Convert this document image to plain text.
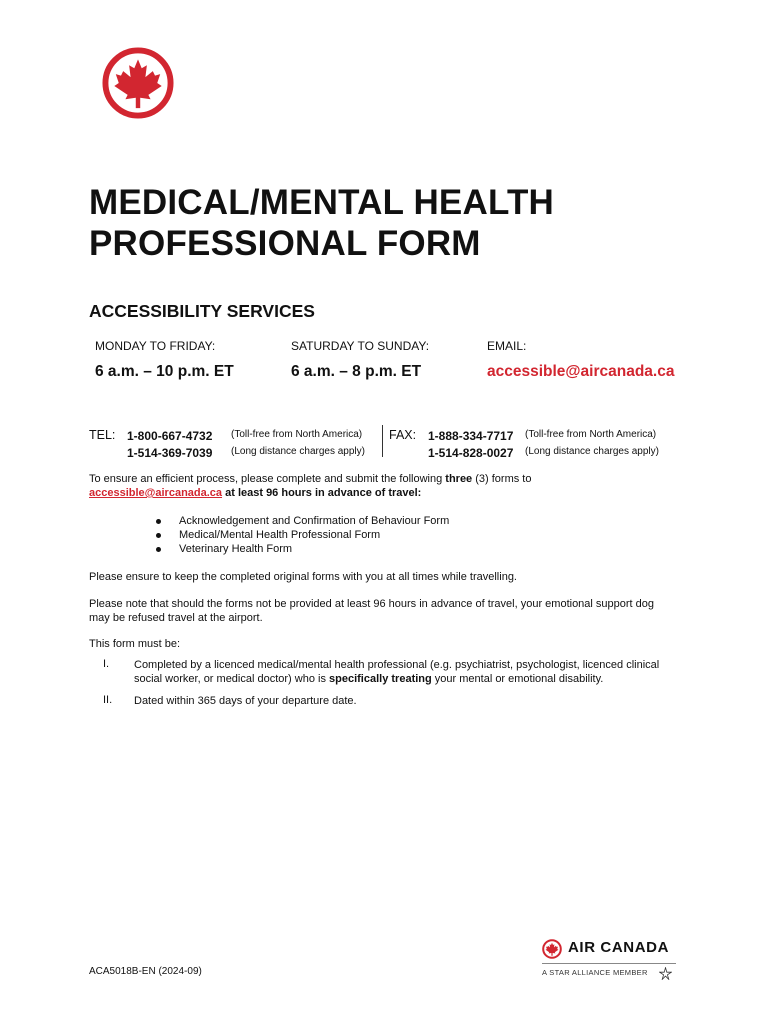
MEDICAL/MENTAL HEALTH
PROFESSIONAL FORM
ACCESSIBILITY SERVICES
MONDAY TO FRIDAY:
6 a.m. – 10 p.m. ET
SATURDAY TO SUNDAY:
6 a.m. – 8 p.m. ET
EMAIL:
accessible@aircanada.ca
TEL: 1-800-667-4732 (Toll-free from North America)
1-514-369-7039 (Long distance charges apply)
FAX: 1-888-334-7717 (Toll-free from North America)
1-514-828-0027 (Long distance charges apply)
To ensure an efficient process, please complete and submit the following three (3) forms to
accessible@aircanada.ca at least 96 hours in advance of travel:
Acknowledgement and Confirmation of Behaviour Form
Medical/Mental Health Professional Form
Veterinary Health Form
Please ensure to keep the completed original forms with you at all times while travelling.
Please note that should the forms not be provided at least 96 hours in advance of travel, your emotional support dog
may be refused travel at the airport.
This form must be:
I. Completed by a licenced medical/mental health professional (e.g. psychiatrist, psychologist, licenced clinical
social worker, or medical doctor) who is specifically treating your mental or emotional disability.
II. Dated within 365 days of your departure date.
ACA5018B-EN (2024-09)
AIR CANADA
A STAR ALLIANCE MEMBER
